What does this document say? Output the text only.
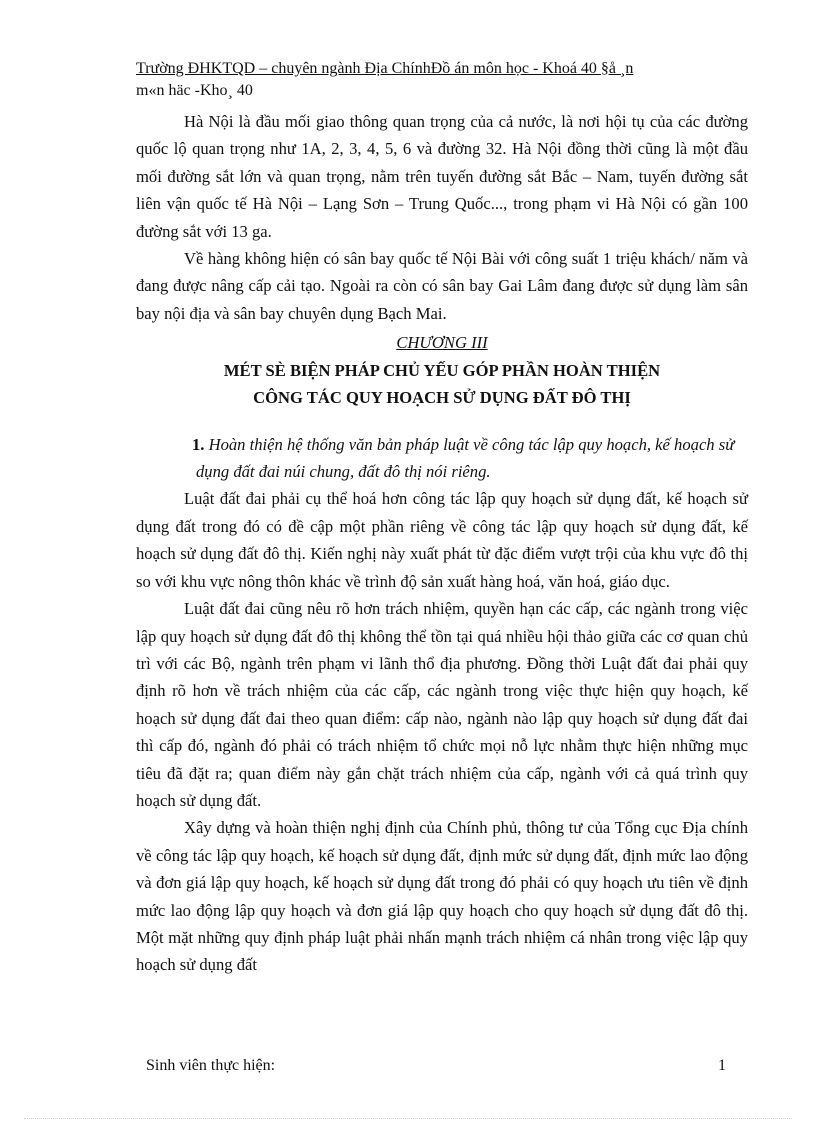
Trường ĐHKTQD – chuyên ngành Địa ChínhĐồ án môn học - Khoá 40 §å ¸n
m«n häc -Kho¸ 40

Hà Nội là đầu mối giao thông quan trọng của cả nước, là nơi hội tụ của các đường quốc lộ quan trọng như 1A, 2, 3, 4, 5, 6 và đường 32. Hà Nội đồng thời cũng là một đầu mối đường sắt lớn và quan trọng, nằm trên tuyến đường sắt Bắc – Nam, tuyến đường sắt liên vận quốc tế Hà Nội – Lạng Sơn – Trung Quốc..., trong phạm vi Hà Nội có gần 100 đường sắt với 13 ga.

Về hàng không hiện có sân bay quốc tế Nội Bài với công suất 1 triệu khách/ năm và đang được nâng cấp cải tạo. Ngoài ra còn có sân bay Gai Lâm đang được sử dụng làm sân bay nội địa và sân bay chuyên dụng Bạch Mai.

CHƯƠNG III
MÉT SÈ BIỆN PHÁP CHỦ YẾU GÓP PHẦN HOÀN THIỆN
CÔNG TÁC QUY HOẠCH SỬ DỤNG ĐẤT ĐÔ THỊ
1. Hoàn thiện hệ thống văn bản pháp luật về công tác lập quy hoạch, kế hoạch sử dụng đất đai núi chung, đất đô thị nói riêng.

Luật đất đai phải cụ thể hoá hơn công tác lập quy hoạch sử dụng đất, kế hoạch sử dụng đất trong đó có đề cập một phần riêng về công tác lập quy hoạch sử dụng đất, kế hoạch sử dụng đất đô thị. Kiến nghị này xuất phát từ đặc điểm vượt trội của khu vực đô thị so với khu vực nông thôn khác về trình độ sản xuất hàng hoá, văn hoá, giáo dục.

Luật đất đai cũng nêu rõ hơn trách nhiệm, quyền hạn các cấp, các ngành trong việc lập quy hoạch sử dụng đất đô thị không thể tồn tại quá nhiều hội thảo giữa các cơ quan chủ trì với các Bộ, ngành trên phạm vi lãnh thổ địa phương. Đồng thời Luật đất đai phải quy định rõ hơn về trách nhiệm của các cấp, các ngành trong việc thực hiện quy hoạch, kế hoạch sử dụng đất đai theo quan điểm: cấp nào, ngành nào lập quy hoạch sử dụng đất đai thì cấp đó, ngành đó phải có trách nhiệm tổ chức mọi nỗ lực nhằm thực hiện những mục tiêu đã đặt ra; quan điểm này gắn chặt trách nhiệm của cấp, ngành với cả quá trình quy hoạch sử dụng đất.

Xây dựng và hoàn thiện nghị định của Chính phủ, thông tư của Tổng cục Địa chính về công tác lập quy hoạch, kế hoạch sử dụng đất, định mức sử dụng đất, định mức lao động và đơn giá lập quy hoạch, kế hoạch sử dụng đất trong đó phải có quy hoạch ưu tiên về định mức lao động lập quy hoạch và đơn giá lập quy hoạch cho quy hoạch sử dụng đất đô thị. Một mặt những quy định pháp luật phải nhấn mạnh trách nhiệm cá nhân trong việc lập quy hoạch sử dụng đất

Sinh viên thực hiện:	1
